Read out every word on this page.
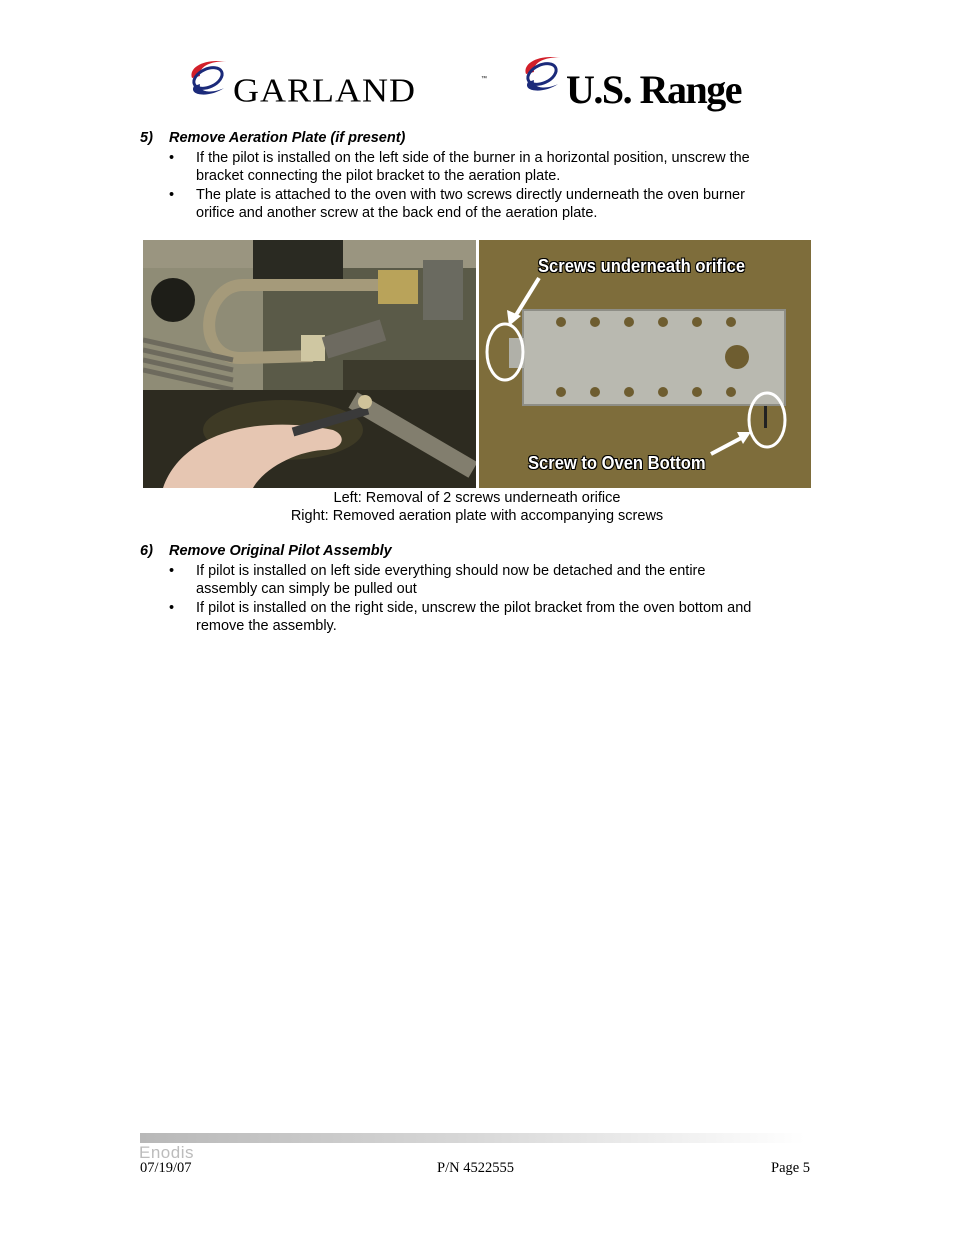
GARLAND	™ U.S. Range
5) Remove Aeration Plate (if present)
• If the pilot is installed on the left side of the burner in a horizontal position, unscrew the
bracket connecting the pilot bracket to the aeration plate.
• The plate is attached to the oven with two screws directly underneath the oven burner
orifice and another screw at the back end of the aeration plate.
Screws underneath orifice
Screw to Oven Bottom
Left: Removal of 2 screws underneath orifice
Right: Removed aeration plate with accompanying screws
6) Remove Original Pilot Assembly
• If pilot is installed on left side everything should now be detached and the entire
assembly can simply be pulled out
• If pilot is installed on the right side, unscrew the pilot bracket from the oven bottom and
remove the assembly.
Enodis
07/19/07	P/N 4522555	Page 5
